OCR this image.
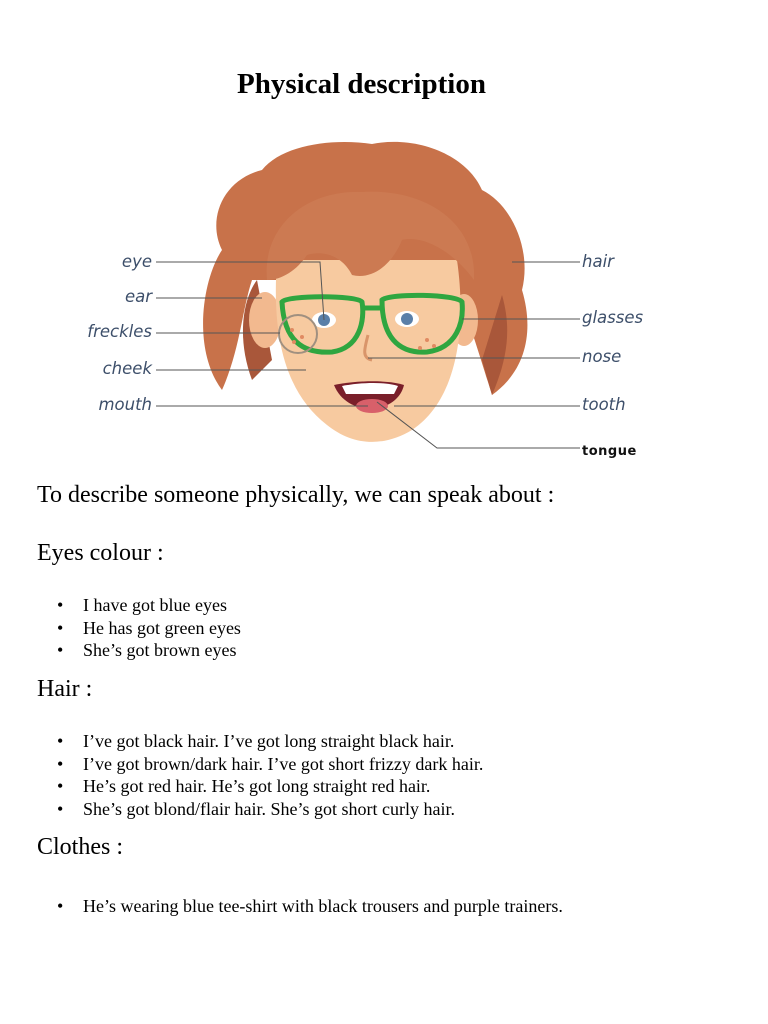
Physical description
eye
ear
freckles
cheek
mouth
hair
glasses
nose
tooth
tongue

To describe someone physically, we can speak about :

Eyes colour :
• I have got blue eyes
• He has got green eyes
• She’s got brown eyes
Hair :
• I’ve got black hair. I’ve got long straight black hair.
• I’ve got brown/dark hair. I’ve got short frizzy dark hair.
• He’s got red hair. He’s got long straight red hair.
• She’s got blond/flair hair. She’s got short curly hair.
Clothes :
• He’s wearing blue tee-shirt with black trousers and purple trainers.
